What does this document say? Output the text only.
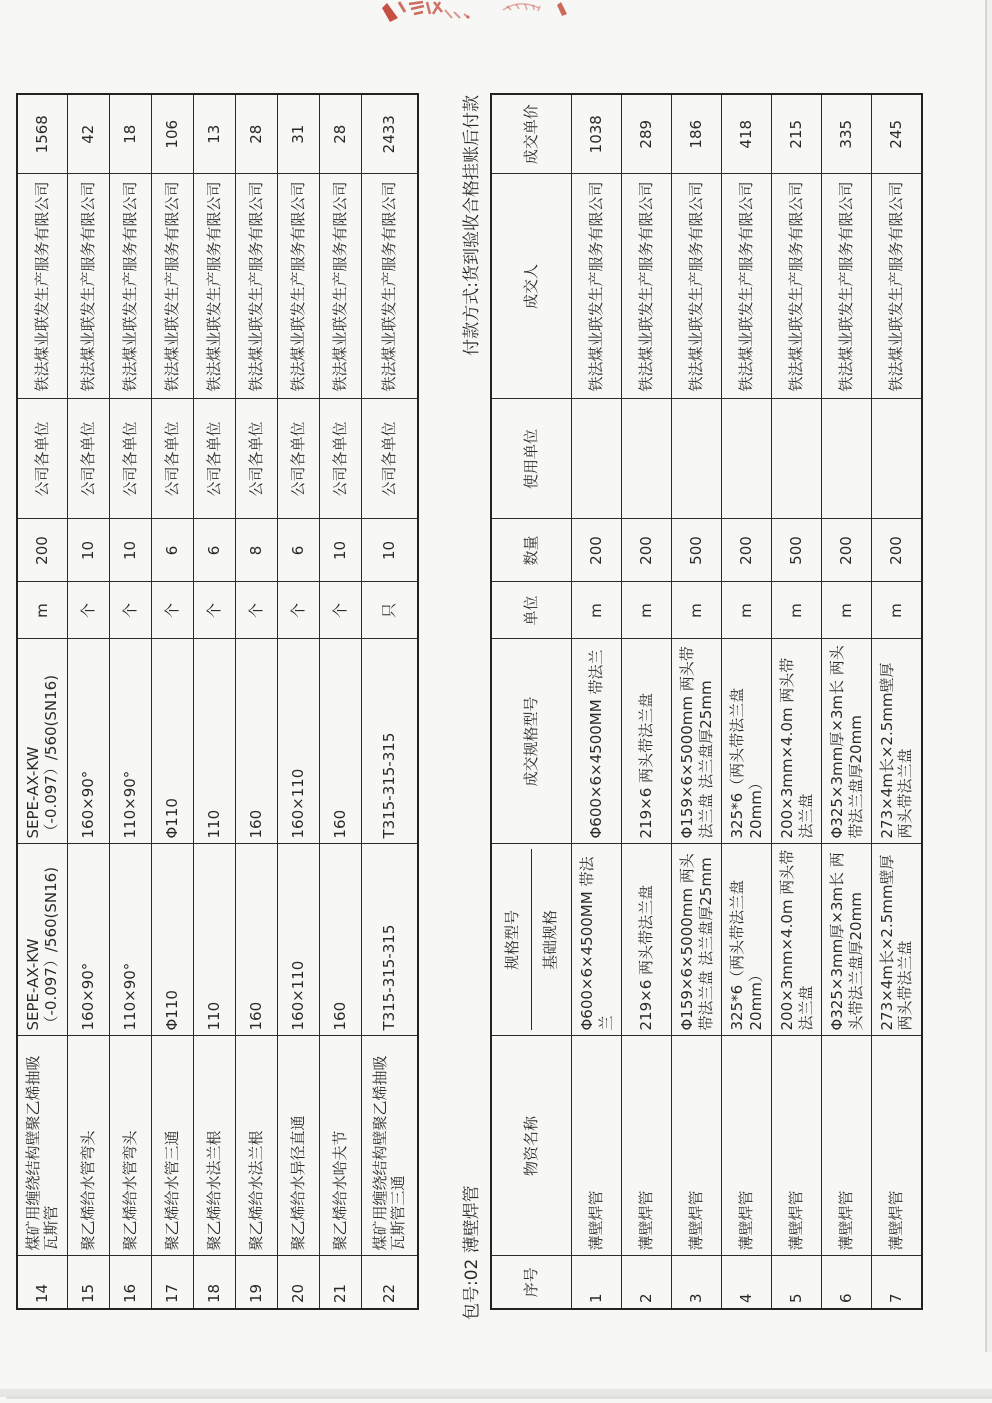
14	煤矿用缠绕结构壁聚乙烯抽吸瓦斯管	SEPE-AX-KW（-0.097）/560(SN16)	SEPE-AX-KW（-0.097）/560(SN16)	m	200	公司各单位	铁法煤业联发生产服务有限公司	1568
15	聚乙烯给水管弯头	160×90°	160×90°	个	10	公司各单位	铁法煤业联发生产服务有限公司	42
16	聚乙烯给水管弯头	110×90°	110×90°	个	10	公司各单位	铁法煤业联发生产服务有限公司	18
17	聚乙烯给水管三通	Φ110	Φ110	个	6	公司各单位	铁法煤业联发生产服务有限公司	106
18	聚乙烯给水法兰根	110	110	个	6	公司各单位	铁法煤业联发生产服务有限公司	13
19	聚乙烯给水法兰根	160	160	个	8	公司各单位	铁法煤业联发生产服务有限公司	28
20	聚乙烯给水异径直通	160×110	160×110	个	6	公司各单位	铁法煤业联发生产服务有限公司	31
21	聚乙烯给水哈夫节	160	160	个	10	公司各单位	铁法煤业联发生产服务有限公司	28
22	煤矿用缠绕结构壁聚乙烯抽吸瓦斯管三通	T315-315-315	T315-315-315	只	10	公司各单位	铁法煤业联发生产服务有限公司	2433
包号:02 薄壁焊管
付款方式:货到验收合格挂账后付款
序号	物资名称	规格型号 基础规格	成交规格型号	单位	数量	使用单位	成交人	成交单价
1	薄壁焊管	Φ600×6×4500MM 带法兰	Φ600×6×4500MM 带法兰	m	200		铁法煤业联发生产服务有限公司	1038
2	薄壁焊管	219×6 两头带法兰盘	219×6 两头带法兰盘	m	200		铁法煤业联发生产服务有限公司	289
3	薄壁焊管	Φ159×6×5000mm 两头带法兰盘 法兰盘厚25mm	Φ159×6×5000mm 两头带法兰盘 法兰盘厚25mm	m	500		铁法煤业联发生产服务有限公司	186
4	薄壁焊管	325*6（两头带法兰盘 20mm）	325*6（两头带法兰盘 20mm）	m	200		铁法煤业联发生产服务有限公司	418
5	薄壁焊管	200×3mm×4.0m 两头带法兰盘	200×3mm×4.0m 两头带法兰盘	m	500		铁法煤业联发生产服务有限公司	215
6	薄壁焊管	Φ325×3mm厚×3m长 两头带法兰盘厚20mm	Φ325×3mm厚×3m长 两头带法兰盘厚20mm	m	200		铁法煤业联发生产服务有限公司	335
7	薄壁焊管	273×4m长×2.5mm壁厚 两头带法兰盘	273×4m长×2.5mm壁厚 两头带法兰盘	m	200		铁法煤业联发生产服务有限公司	245
